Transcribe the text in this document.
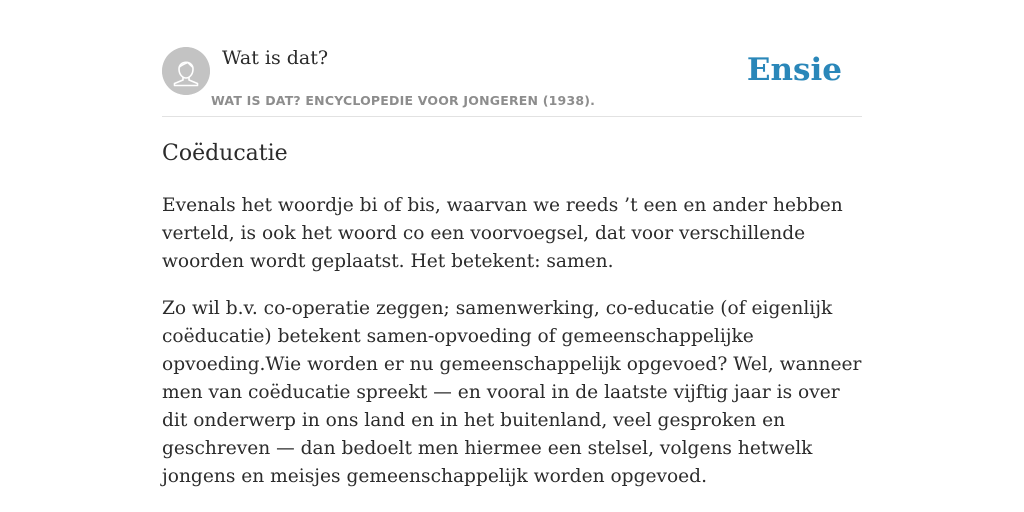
Wat is dat?
WAT IS DAT? ENCYCLOPEDIE VOOR JONGEREN (1938).
Ensie
Coëducatie

Evenals het woordje bi of bis, waarvan we reeds ’t een en ander hebben verteld, is ook het woord co een voorvoegsel, dat voor verschillende woorden wordt geplaatst. Het betekent: samen.

Zo wil b.v. co-operatie zeggen; samenwerking, co-educatie (of eigenlijk coëducatie) betekent samen-opvoeding of gemeenschappelijke opvoeding.Wie worden er nu gemeenschappelijk opgevoed? Wel, wanneer men van coëducatie spreekt — en vooral in de laatste vijftig jaar is over dit onderwerp in ons land en in het buitenland, veel gesproken en geschreven — dan bedoelt men hiermee een stelsel, volgens hetwelk jongens en meisjes gemeenschappelijk worden opgevoed.
